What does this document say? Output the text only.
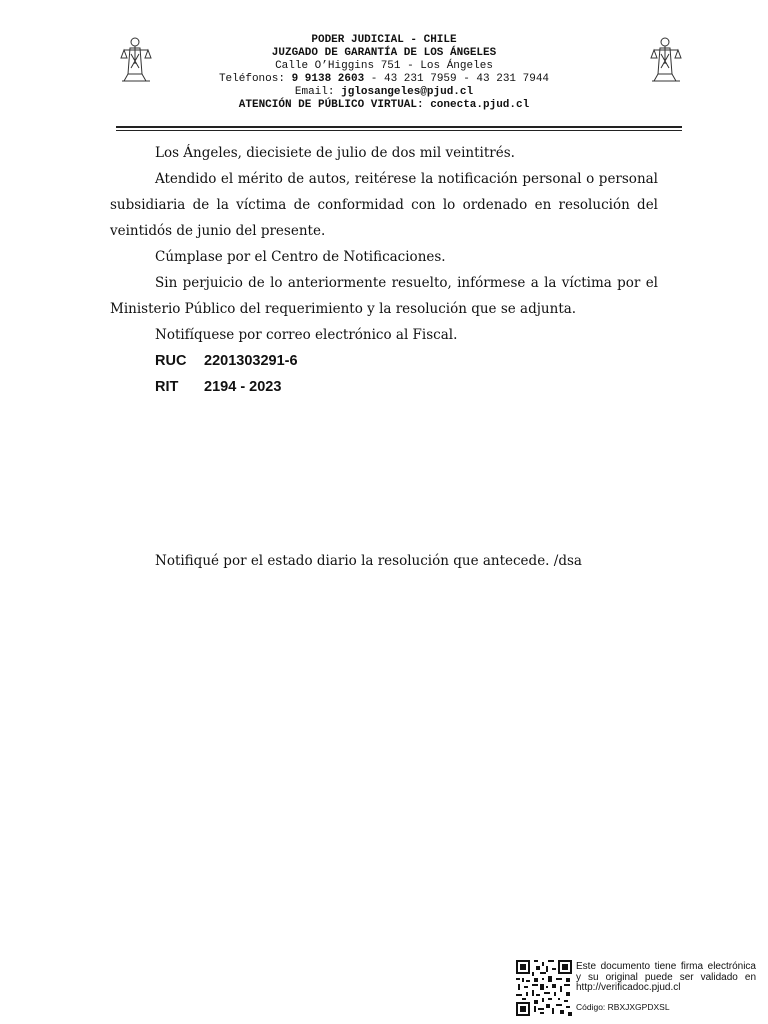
PODER JUDICIAL - CHILE
JUZGADO DE GARANTÍA DE LOS ÁNGELES
Calle O’Higgins 751 - Los Ángeles
Teléfonos: 9 9138 2603 - 43 231 7959 - 43 231 7944
Email: jglosangeles@pjud.cl
ATENCIÓN DE PÚBLICO VIRTUAL: conecta.pjud.cl

Los Ángeles, diecisiete de julio de dos mil veintitrés.

Atendido el mérito de autos, reitérese la notificación personal o personal subsidiaria de la víctima de conformidad con lo ordenado en resolución del veintidós de junio del presente.

Cúmplase por el Centro de Notificaciones.

Sin perjuicio de lo anteriormente resuelto, infórmese a la víctima por el Ministerio Público del requerimiento y la resolución que se adjunta.

Notifíquese por correo electrónico al Fiscal.

RUC 2201303291-6
RIT 2194 - 2023
Notifiqué por el estado diario la resolución que antecede. /dsa
Este documento tiene firma electrónica y su original puede ser validado en http://verificadoc.pjud.cl
Código: RBXJXGPDXSL
